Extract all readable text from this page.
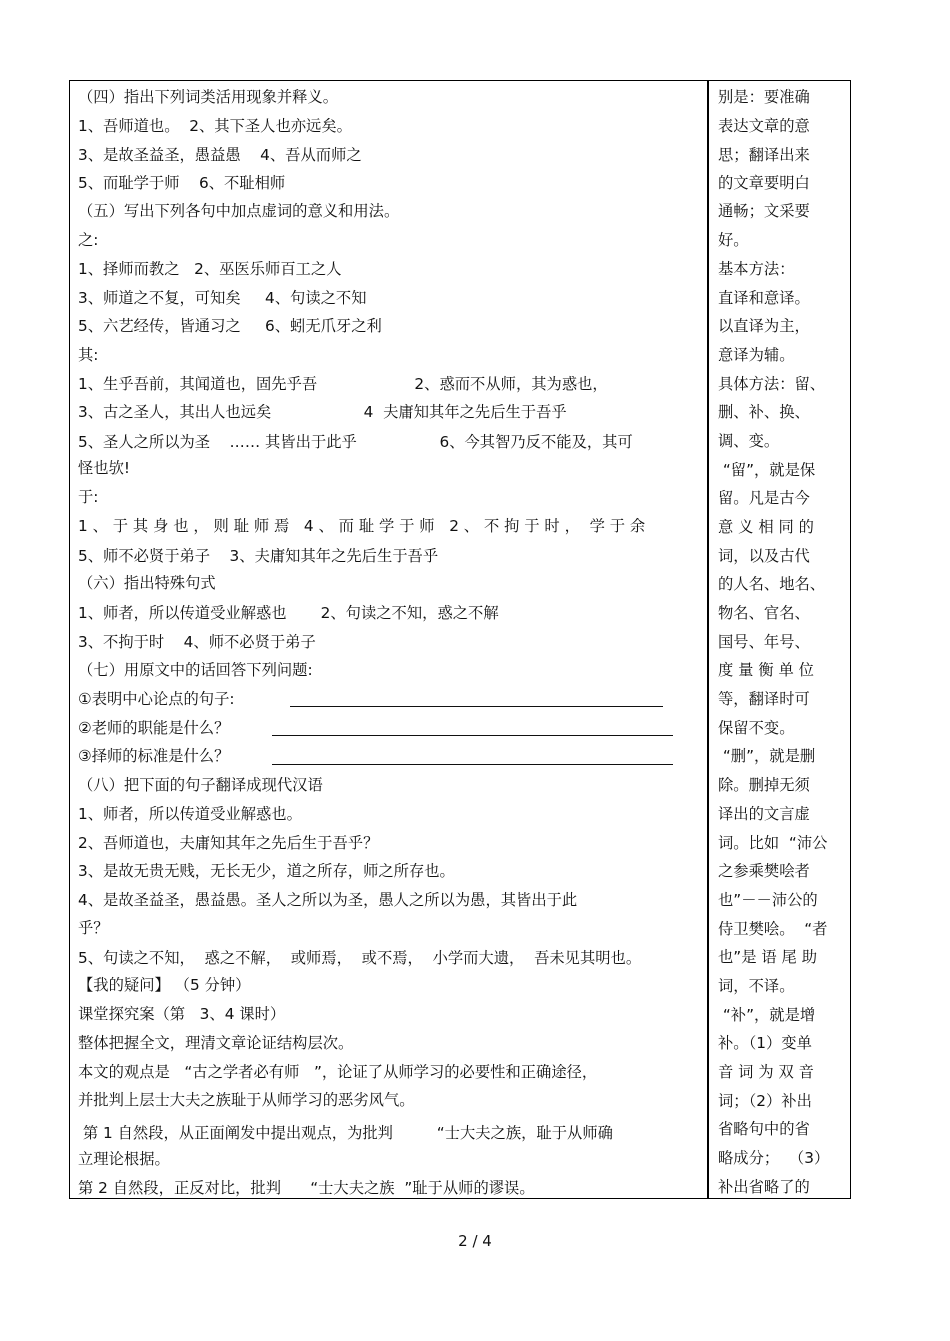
（四）指出下列词类活用现象并释义。
1、吾师道也。  2、其下圣人也亦远矣。
3、是故圣益圣，愚益愚    4、吾从而师之
5、而耻学于师    6、不耻相师
（五）写出下列各句中加点虚词的意义和用法。
之:
1、择师而教之   2、巫医乐师百工之人
3、师道之不复，可知矣     4、句读之不知
5、六艺经传，皆通习之     6、蚓无爪牙之利
其:
1、生乎吾前，其闻道也，固先乎吾                    2、惑而不从师，其为惑也，
3、古之圣人，其出人也远矣                   4  夫庸知其年之先后生于吾乎
5、圣人之所以为圣    …… 其皆出于此乎                 6、今其智乃反不能及，其可
怪也欤!
于:
1 、 于 其 身 也 ， 则 耻 师 焉   4 、 而 耻 学 于 师   2 、 不 拘 于 时 ，  学 于 余
5、师不必贤于弟子    3、夫庸知其年之先后生于吾乎
（六）指出特殊句式
1、师者，所以传道受业解惑也       2、句读之不知，惑之不解
3、不拘于时    4、师不必贤于弟子
（七）用原文中的话回答下列问题:
①表明中心论点的句子:
②老师的职能是什么？
③择师的标准是什么？
（八）把下面的句子翻译成现代汉语
1、师者，所以传道受业解惑也。
2、吾师道也，夫庸知其年之先后生于吾乎？
3、是故无贵无贱，无长无少，道之所存，师之所存也。
4、是故圣益圣，愚益愚。圣人之所以为圣，愚人之所以为愚，其皆出于此
乎？
5、句读之不知，  惑之不解，  或师焉，  或不焉，  小学而大遗，  吾未见其明也。
【我的疑问】 （5 分钟）
课堂探究案（第   3、4 课时）
整体把握全文，理清文章论证结构层次。
本文的观点是   “古之学者必有师   ”，论证了从师学习的必要性和正确途径，
并批判上层士大夫之族耻于从师学习的恶劣风气。
第 1 自然段，从正面阐发中提出观点，为批判         “士大夫之族，耻于从师确
立理论根据。
第 2 自然段，正反对比，批判      “士大夫之族  ”耻于从师的谬误。
别是：要准确
表达文章的意
思；翻译出来
的文章要明白
通畅；文采要
好。
基本方法：
直译和意译。
以直译为主，
意译为辅。
具体方法：留、
删、补、换、
调、变。
“留”，就是保
留。凡是古今
意 义 相 同 的
词，以及古代
的人名、地名、
物名、官名、
国号、年号、
度 量 衡 单 位
等，翻译时可
保留不变。
“删”，就是删
除。删掉无须
译出的文言虚
词。比如  “沛公
之参乘樊哙者
也”－－沛公的
侍卫樊哙。  “者
也”是 语 尾 助
词，不译。
“补”，就是增
补。（1）变单
音 词 为 双 音
词；（2）补出
省略句中的省
略成分；  （3）
补出省略了的
2 / 4
